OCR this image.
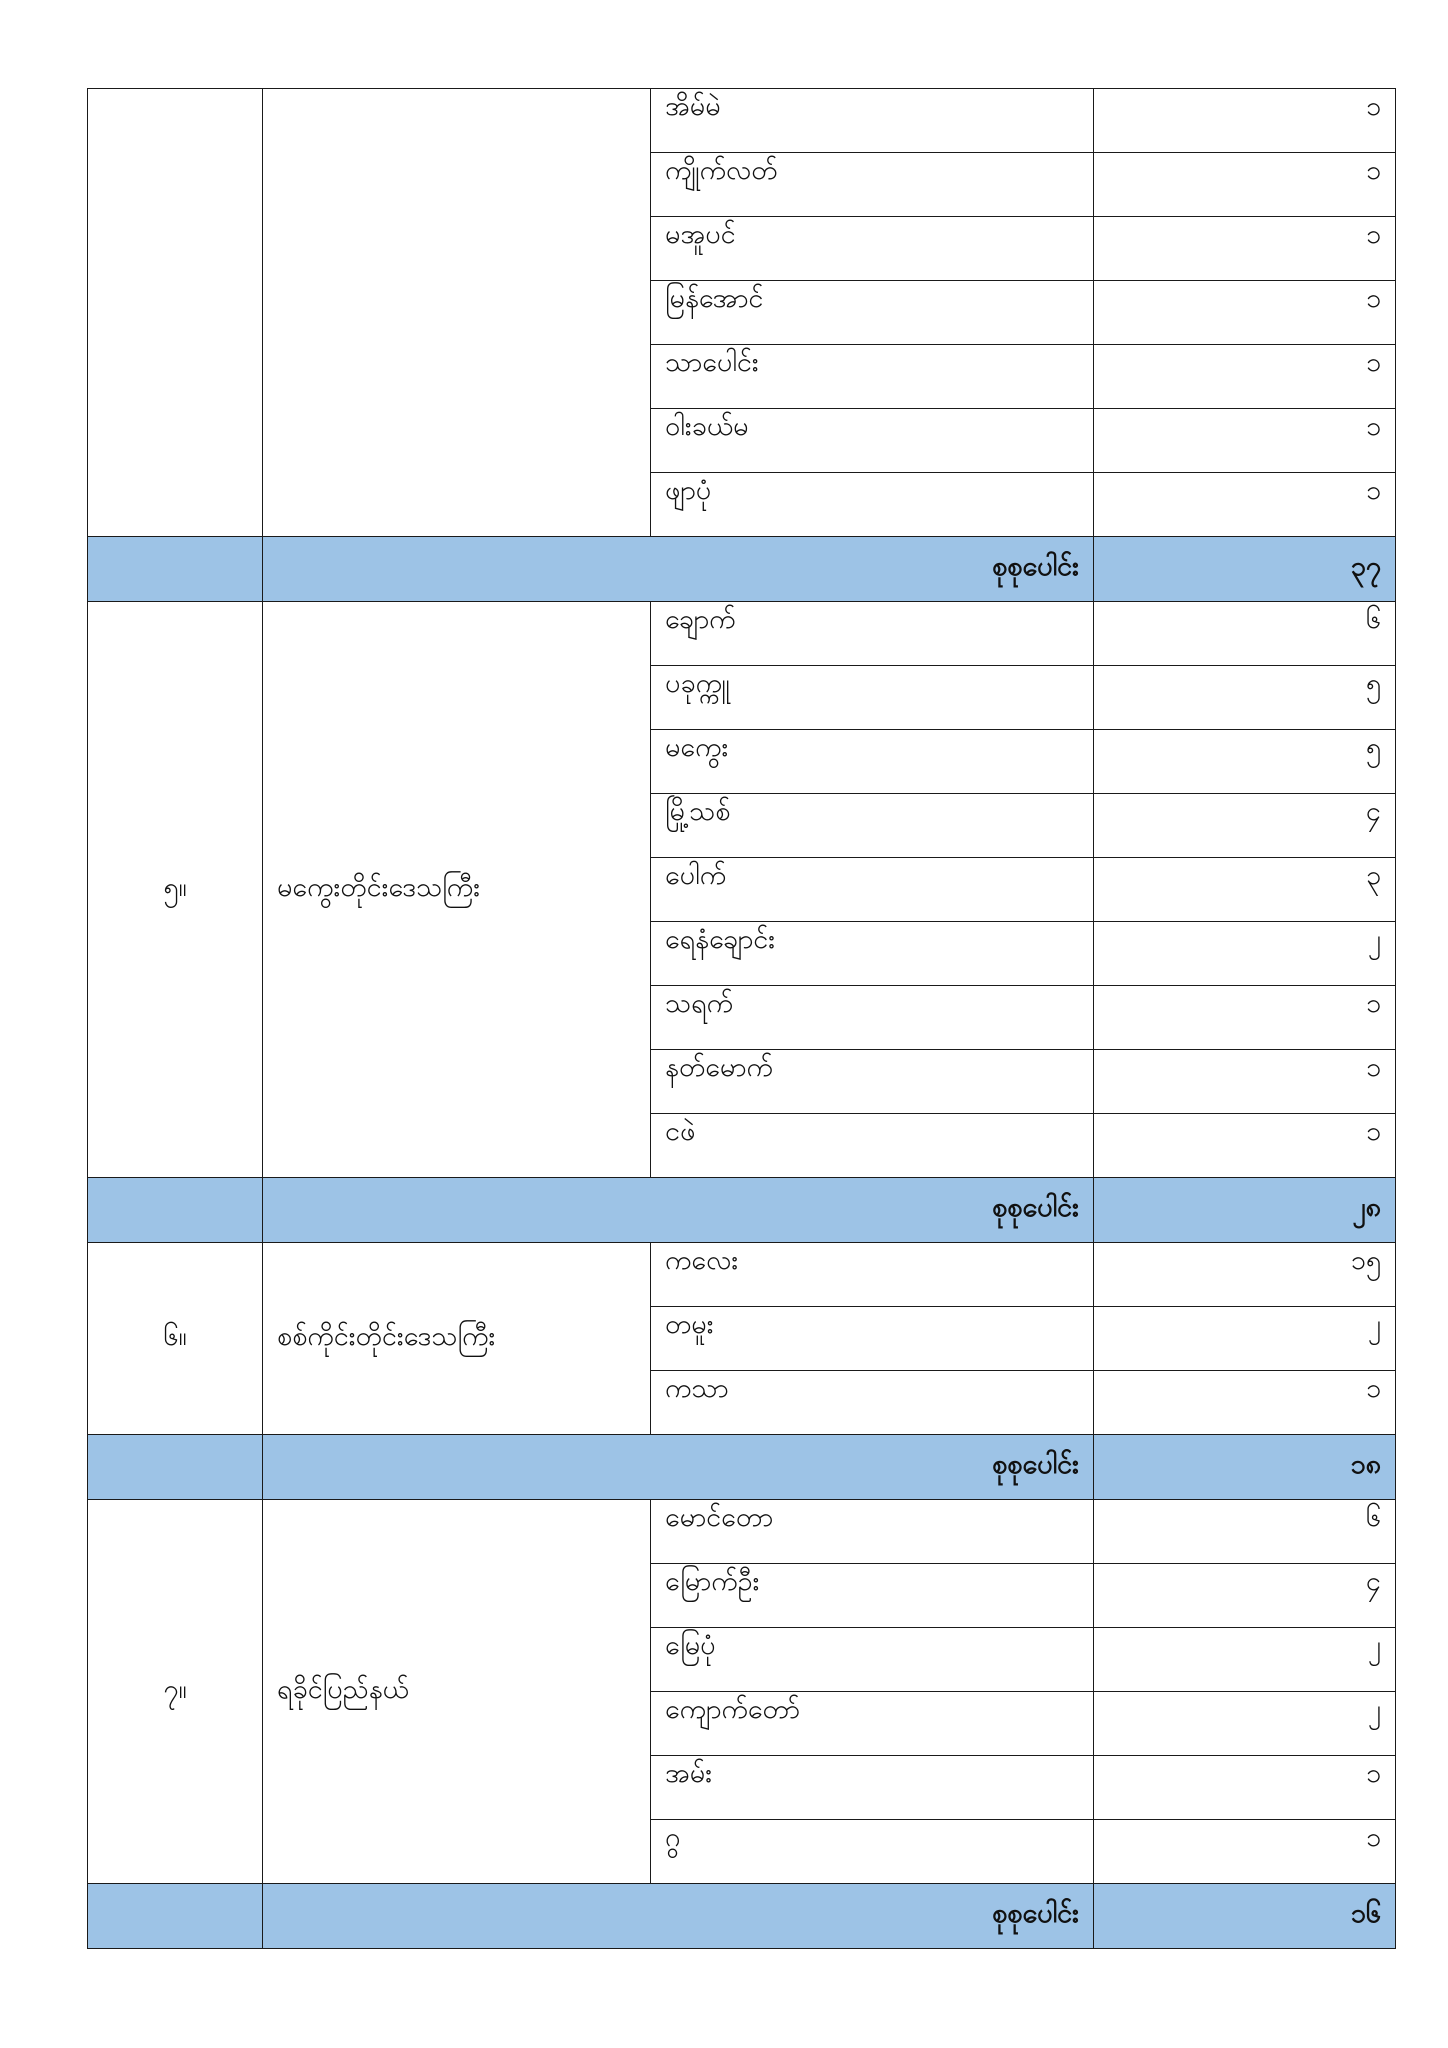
		အိမ်မဲ	၁
		ကျိုက်လတ်	၁
		မအူပင်	၁
		မြန်အောင်	၁
		သာပေါင်း	၁
		ဝါးခယ်မ	၁
		ဖျာပုံ	၁
	စုစုပေါင်း		၃၇
၅။	မကွေးတိုင်းဒေသကြီး	ချောက်	၆
		ပခုက္ကူ	၅
		မကွေး	၅
		မြို့သစ်	၄
		ပေါက်	၃
		ရေနံချောင်း	၂
		သရက်	၁
		နတ်မောက်	၁
		ငဖဲ	၁
	စုစုပေါင်း		၂၈
၆။	စစ်ကိုင်းတိုင်းဒေသကြီး	ကလေး	၁၅
		တမူး	၂
		ကသာ	၁
	စုစုပေါင်း		၁၈
၇။	ရခိုင်ပြည်နယ်	မောင်တော	၆
		မြောက်ဦး	၄
		မြေပုံ	၂
		ကျောက်တော်	၂
		အမ်း	၁
		ဂွ	၁
	စုစုပေါင်း		၁၆
